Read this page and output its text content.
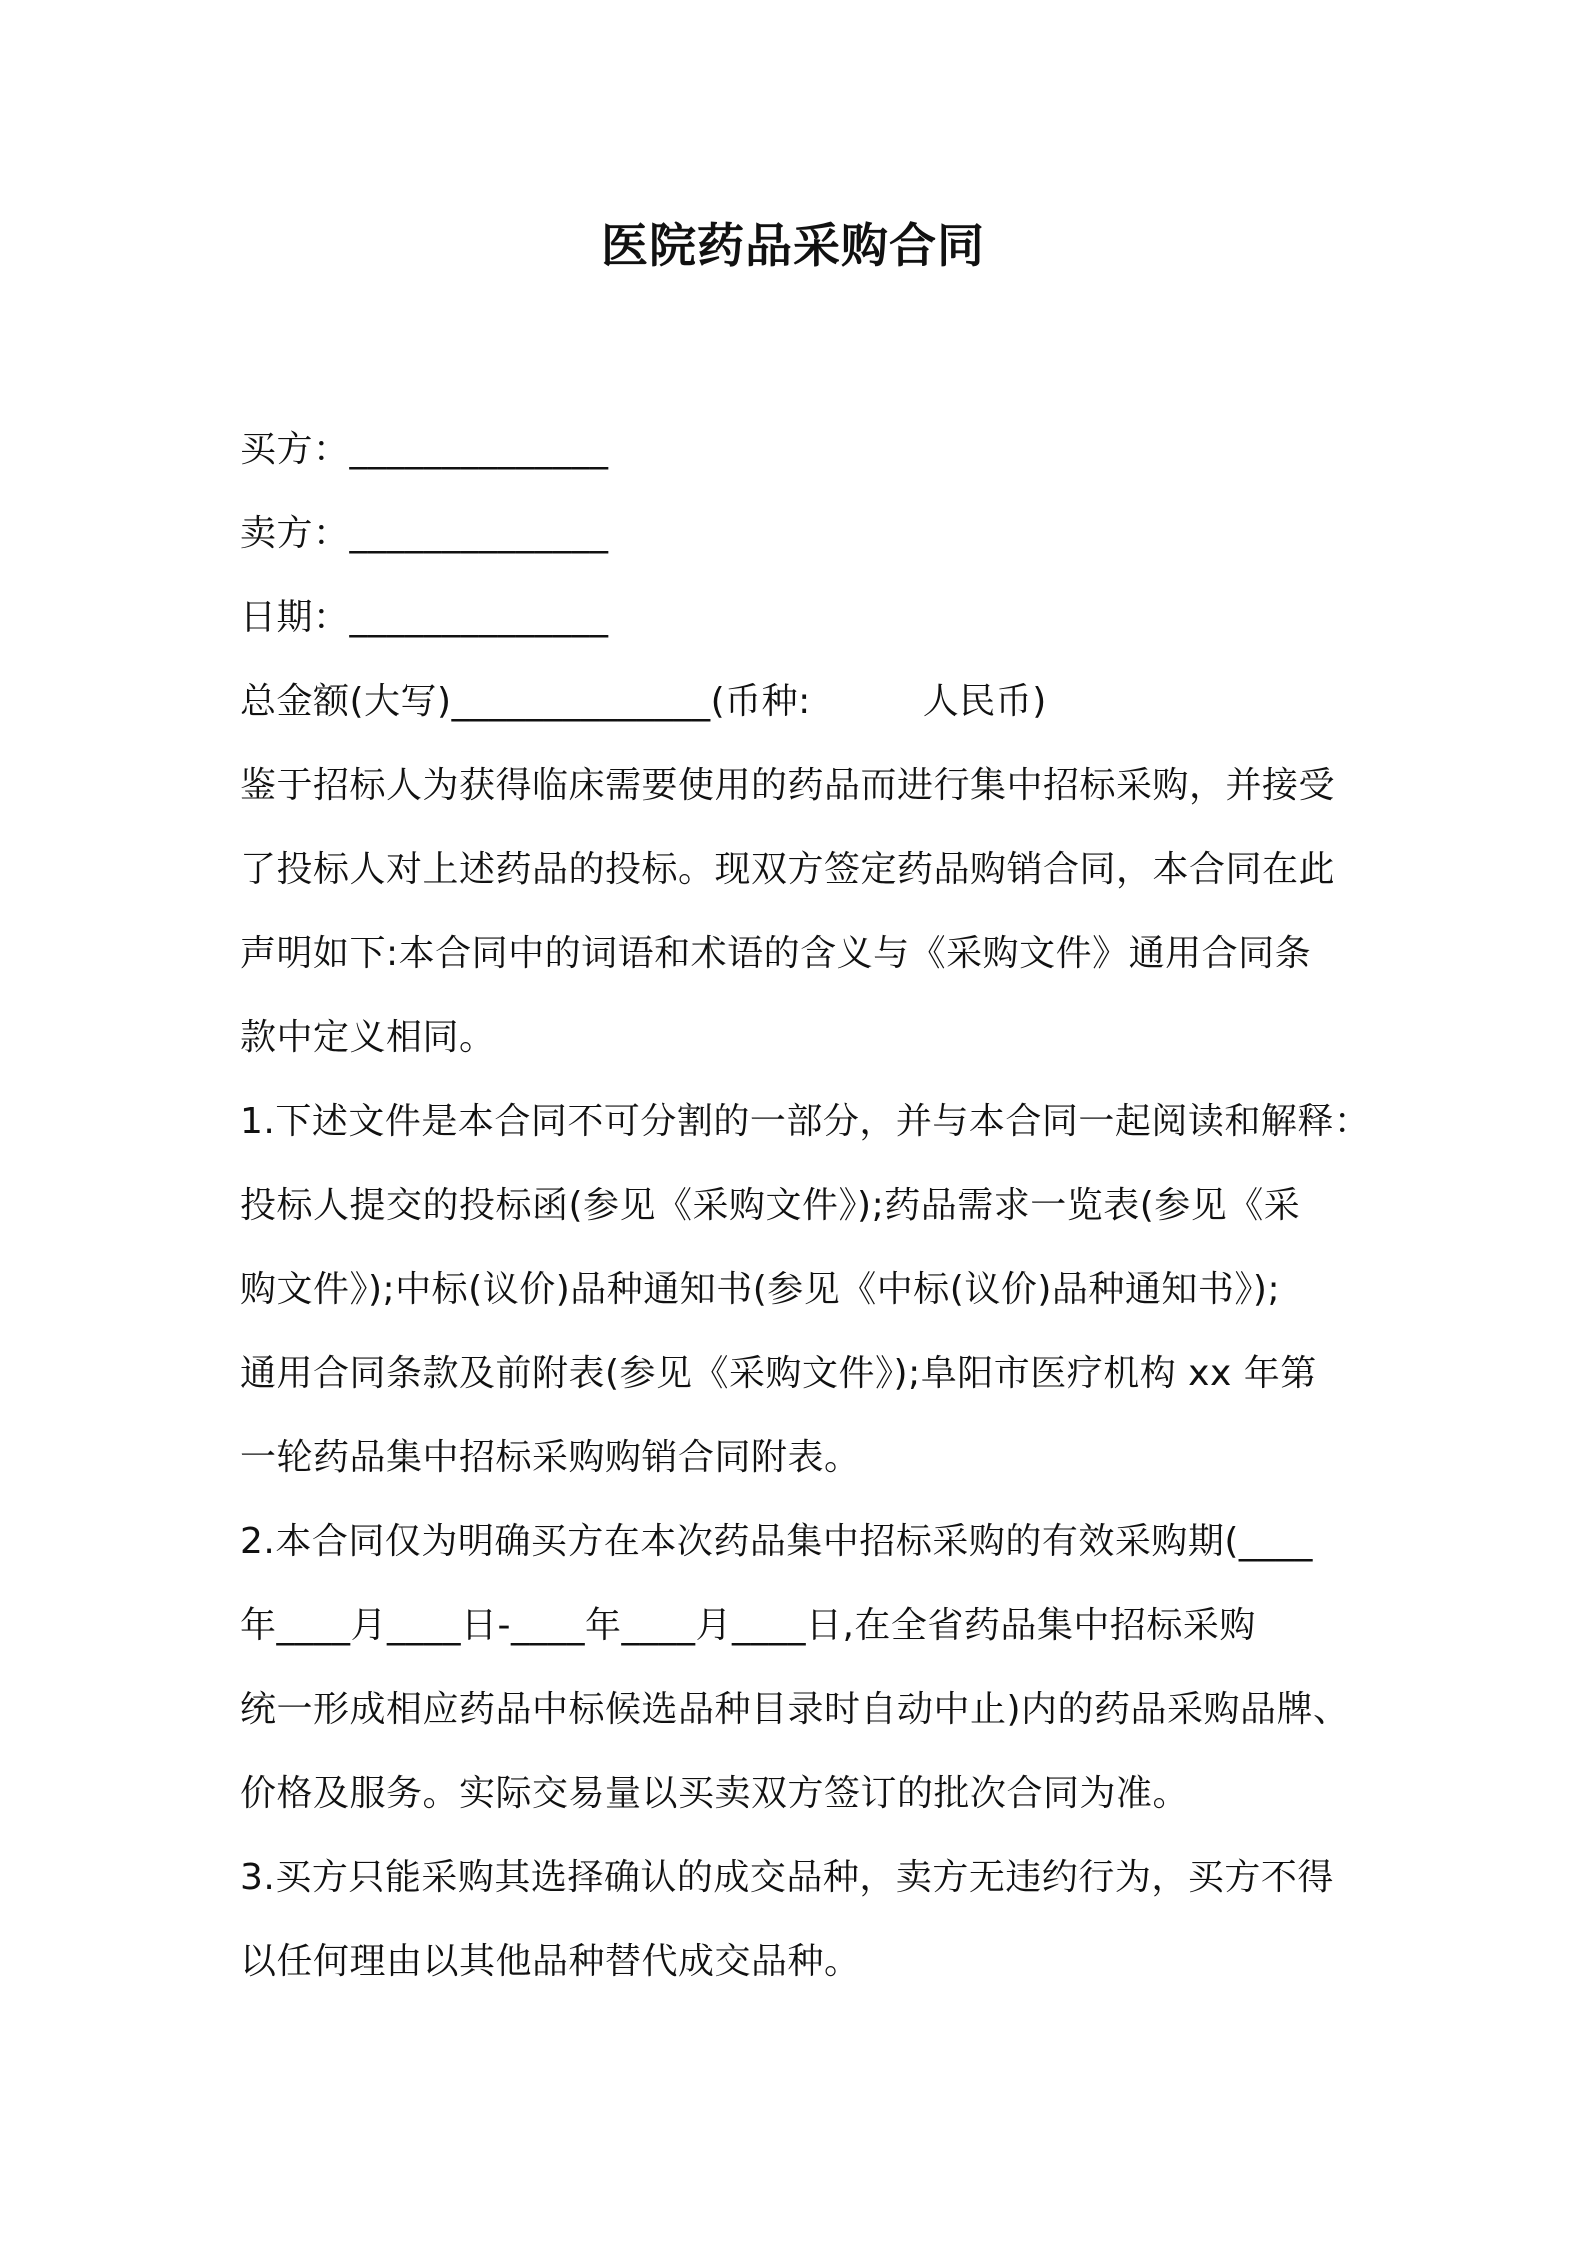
医院药品采购合同
买方：______________
卖方：______________
日期：______________
总金额(大写)______________(币种:	人民币)
鉴于招标人为获得临床需要使用的药品而进行集中招标采购，并接受
了投标人对上述药品的投标。现双方签定药品购销合同，本合同在此
声明如下:本合同中的词语和术语的含义与《采购文件》通用合同条
款中定义相同。
1.下述文件是本合同不可分割的一部分，并与本合同一起阅读和解释：
投标人提交的投标函(参见《采购文件》);药品需求一览表(参见《采
购文件》);中标(议价)品种通知书(参见《中标(议价)品种通知书》);
通用合同条款及前附表(参见《采购文件》);阜阳市医疗机构 xx 年第
一轮药品集中招标采购购销合同附表。
2.本合同仅为明确买方在本次药品集中招标采购的有效采购期(____
年____月____日-____年____月____日,在全省药品集中招标采购
统一形成相应药品中标候选品种目录时自动中止)内的药品采购品牌、
价格及服务。实际交易量以买卖双方签订的批次合同为准。
3.买方只能采购其选择确认的成交品种，卖方无违约行为，买方不得
以任何理由以其他品种替代成交品种。
